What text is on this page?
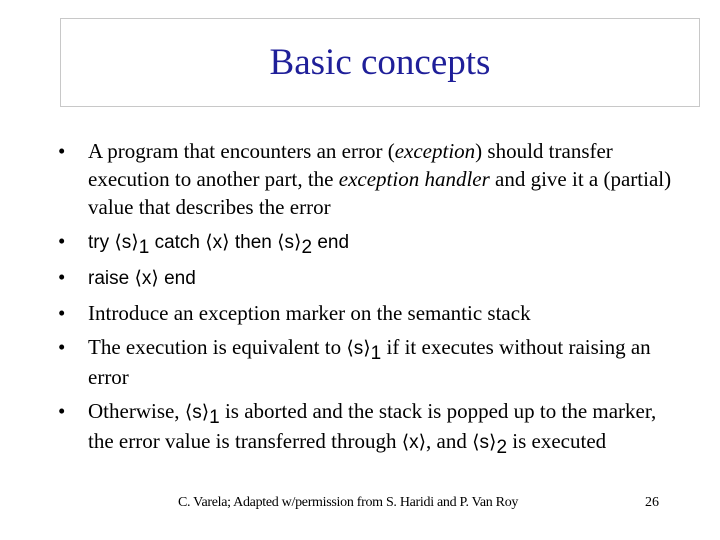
Basic concepts
• A program that encounters an error (exception) should transfer execution to another part, the exception handler and give it a (partial) value that describes the error
• try $⟨s⟩_1$ catch ⟨x⟩ then $⟨s⟩_2$ end
• raise ⟨x⟩ end
• Introduce an exception marker on the semantic stack
• The execution is equivalent to $⟨s⟩_1$ if it executes without raising an error
• Otherwise, $⟨s⟩_1$ is aborted and the stack is popped up to the marker, the error value is transferred through ⟨x⟩, and $⟨s⟩_2$ is executed
C. Varela; Adapted w/permission from S. Haridi and P. Van Roy	26
